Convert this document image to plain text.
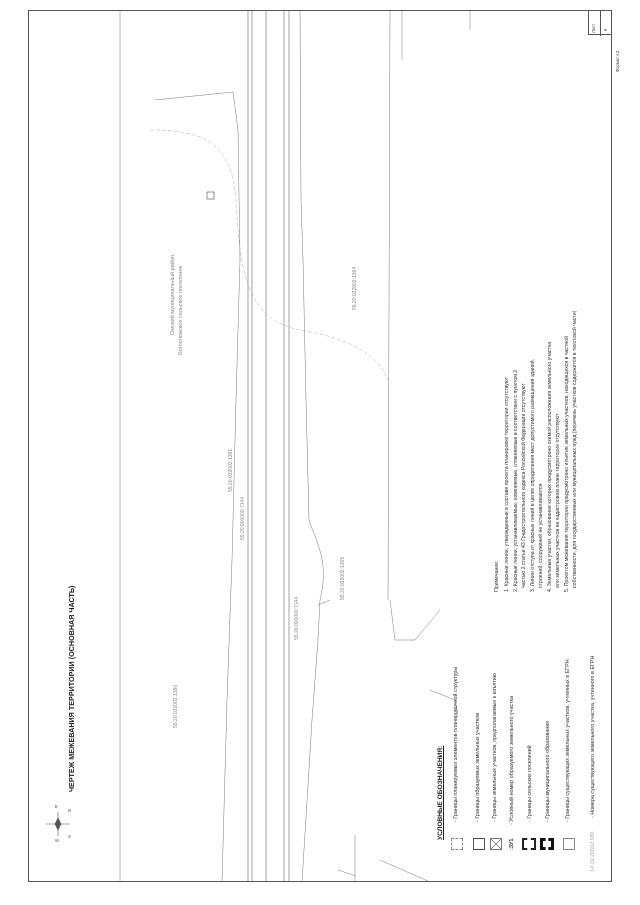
N
S
W
E
Лист 8
Формат А3
ЧЕРТЕЖ МЕЖЕВАНИЯ ТЕРРИТОРИИ (ОСНОВНАЯ ЧАСТЬ)	55:20:032002:1380
55:20:032002:1381
55:20:000000:7144
55:20:000000:7144
55:20:032002:1365
55:20:032002:1364
Омский муниципальный район, Богословское сельское поселение
УСЛОВНЫЕ ОБОЗНАЧЕНИЯ: - Границы планируемых элементов планировочной структуры	- Границы образуемых земельных участков - Границы земельных участков, предполагаемых к изъятию
:ЗУ1
- Условный номер образуемого земельного участка - Границы сельских поселений - Границы муниципального образования	- Границы существующих земельных участков, учтенных в ЕГРН
14:19:20602:586
- Номера существующего земельного участка, учтенного в ЕГРН
Примечание: 1. Красные линии, утвержденные в составе проекта планировки территории отсутствуют 2. Красные линии, устанавливаемые, изменяемые, отменяемые в соответствии с пунктом 2 частью 2 статьи 43 Градостроительного кодекса Российской Федерации отсутствуют 3. Линии отступа от красных линий в целях определения мест допустимого размещения зданий, строений, сооружений не устанавливаются 4. Земельные участки, образование которых предусмотрено схемой расположения земельного участка или земельных участков на кадастровом плане территории отсутствуют 5. Проектом межевания территории предусмотрено изъятие земельных участков, находящихся в частной собственности, для государственных или муниципальных нужд (перечень участков содержится в текстовой части)
